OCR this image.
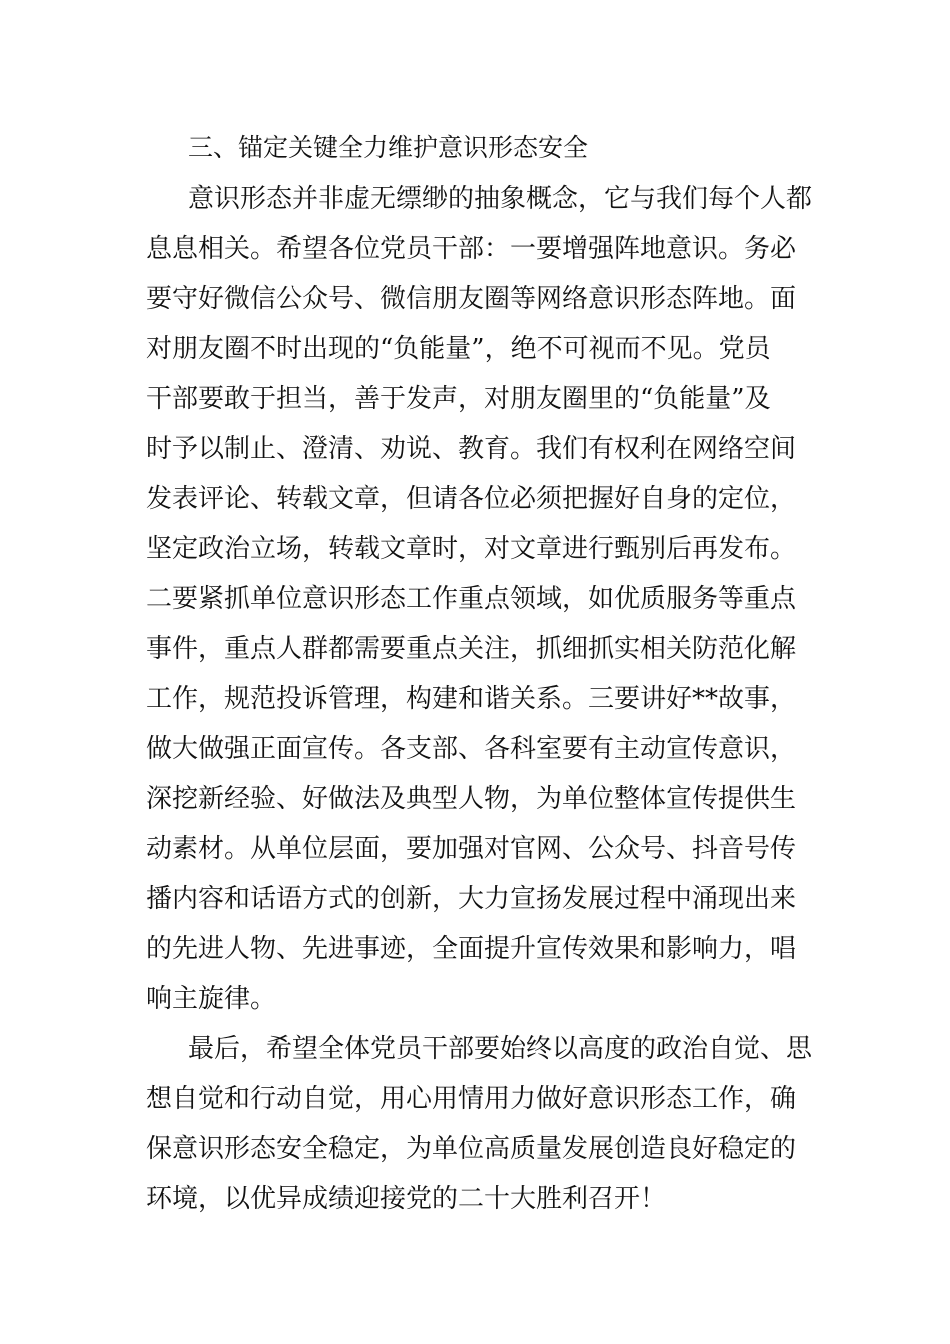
三、锚定关键全力维护意识形态安全
意识形态并非虚无缥缈的抽象概念，它与我们每个人都
息息相关。希望各位党员干部：一要增强阵地意识。务必
要守好微信公众号、微信朋友圈等网络意识形态阵地。面
对朋友圈不时出现的“负能量”，绝不可视而不见。党员
干部要敢于担当，善于发声，对朋友圈里的“负能量”及
时予以制止、澄清、劝说、教育。我们有权利在网络空间
发表评论、转载文章，但请各位必须把握好自身的定位，
坚定政治立场，转载文章时，对文章进行甄别后再发布。
二要紧抓单位意识形态工作重点领域，如优质服务等重点
事件，重点人群都需要重点关注，抓细抓实相关防范化解
工作，规范投诉管理，构建和谐关系。三要讲好**故事，
做大做强正面宣传。各支部、各科室要有主动宣传意识，
深挖新经验、好做法及典型人物，为单位整体宣传提供生
动素材。从单位层面，要加强对官网、公众号、抖音号传
播内容和话语方式的创新，大力宣扬发展过程中涌现出来
的先进人物、先进事迹，全面提升宣传效果和影响力，唱
响主旋律。
最后，希望全体党员干部要始终以高度的政治自觉、思
想自觉和行动自觉，用心用情用力做好意识形态工作，确
保意识形态安全稳定，为单位高质量发展创造良好稳定的
环境，以优异成绩迎接党的二十大胜利召开！
